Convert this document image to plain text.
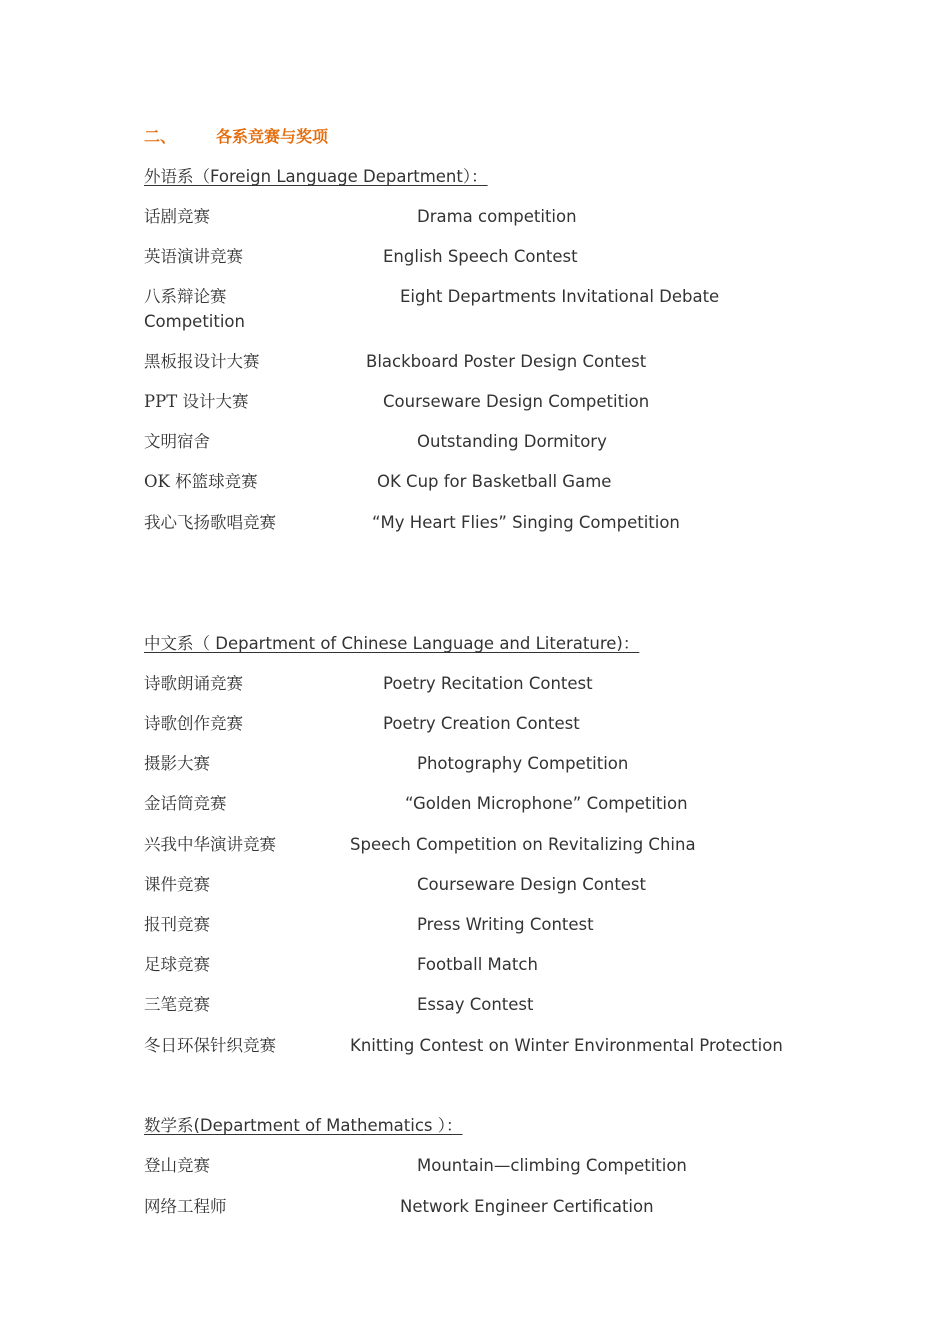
二、 各系竞赛与奖项
外语系（Foreign Language Department）：
话剧竞赛	Drama competition
英语演讲竞赛	English Speech Contest
八系辩论赛	Eight Departments Invitational Debate
Competition
黑板报设计大赛	Blackboard Poster Design Contest
PPT 设计大赛	Courseware Design Competition
文明宿舍	Outstanding Dormitory
OK 杯篮球竞赛	OK Cup for Basketball Game
我心飞扬歌唱竞赛	“My Heart Flies” Singing Competition
中文系（ Department of Chinese Language and Literature)：
诗歌朗诵竞赛	Poetry Recitation Contest
诗歌创作竞赛	Poetry Creation Contest
摄影大赛	Photography Competition
金话筒竞赛	“Golden Microphone” Competition
兴我中华演讲竞赛	Speech Competition on Revitalizing China
课件竞赛	Courseware Design Contest
报刊竞赛	Press Writing Contest
足球竞赛	Football Match
三笔竞赛	Essay Contest
冬日环保针织竞赛	Knitting Contest on Winter Environmental Protection
数学系(Department of Mathematics ）：
登山竞赛	Mountain—climbing Competition
网络工程师	Network Engineer Certification
